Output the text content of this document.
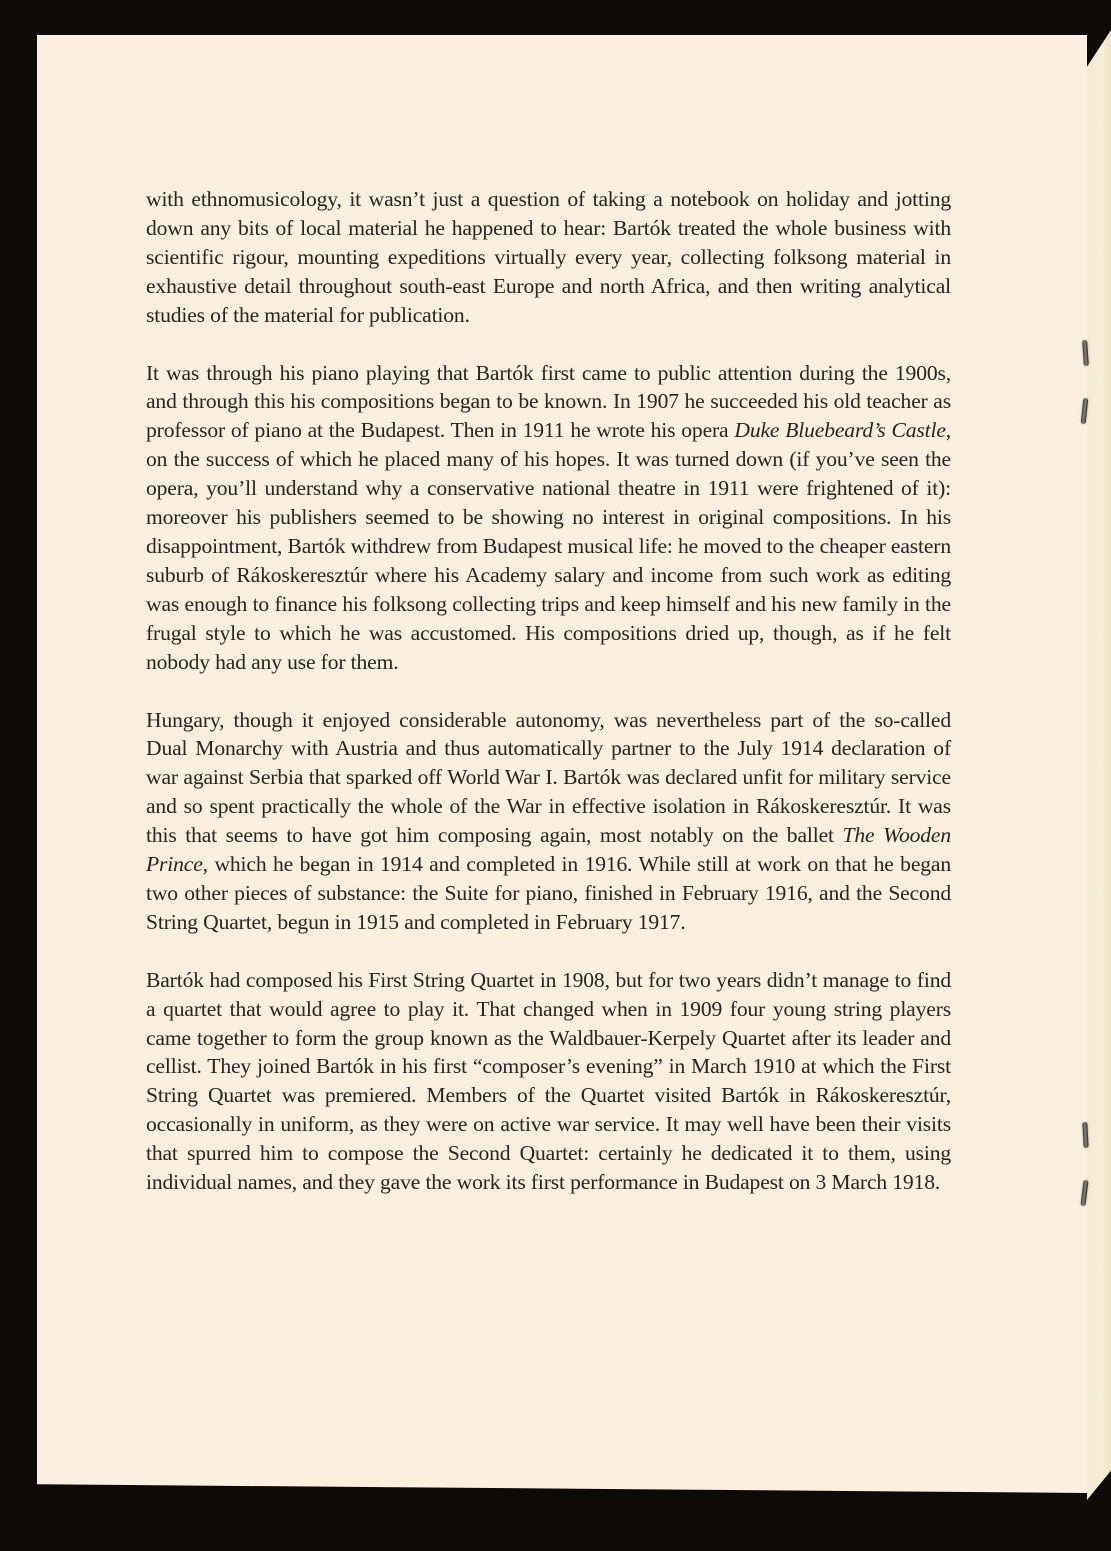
with ethnomusicology, it wasn’t just a question of taking a notebook on holiday and jotting down any bits of local material he happened to hear: Bartók treated the whole business with scientific rigour, mounting expeditions virtually every year, collecting folksong material in exhaustive detail throughout south-east Europe and north Africa, and then writing analytical studies of the material for publication.

It was through his piano playing that Bartók first came to public attention during the 1900s, and through this his compositions began to be known. In 1907 he succeeded his old teacher as professor of piano at the Budapest. Then in 1911 he wrote his opera Duke Bluebeard’s Castle, on the success of which he placed many of his hopes. It was turned down (if you’ve seen the opera, you’ll understand why a conservative national theatre in 1911 were frightened of it): moreover his publishers seemed to be showing no interest in original compositions. In his disappointment, Bartók withdrew from Budapest musical life: he moved to the cheaper eastern suburb of Rákoskeresztúr where his Academy salary and income from such work as editing was enough to finance his folksong collecting trips and keep himself and his new family in the frugal style to which he was accustomed. His compositions dried up, though, as if he felt nobody had any use for them.

Hungary, though it enjoyed considerable autonomy, was nevertheless part of the so-called Dual Monarchy with Austria and thus automatically partner to the July 1914 declaration of war against Serbia that sparked off World War I. Bartók was declared unfit for military service and so spent practically the whole of the War in effective isolation in Rákoskeresztúr. It was this that seems to have got him composing again, most notably on the ballet The Wooden Prince, which he began in 1914 and completed in 1916. While still at work on that he began two other pieces of substance: the Suite for piano, finished in February 1916, and the Second String Quartet, begun in 1915 and completed in February 1917.

Bartók had composed his First String Quartet in 1908, but for two years didn’t manage to find a quartet that would agree to play it. That changed when in 1909 four young string players came together to form the group known as the Waldbauer-Kerpely Quartet after its leader and cellist. They joined Bartók in his first “composer’s evening” in March 1910 at which the First String Quartet was premiered. Members of the Quartet visited Bartók in Rákoskeresztúr, occasionally in uniform, as they were on active war service. It may well have been their visits that spurred him to compose the Second Quartet: certainly he dedicated it to them, using individual names, and they gave the work its first performance in Budapest on 3 March 1918.
